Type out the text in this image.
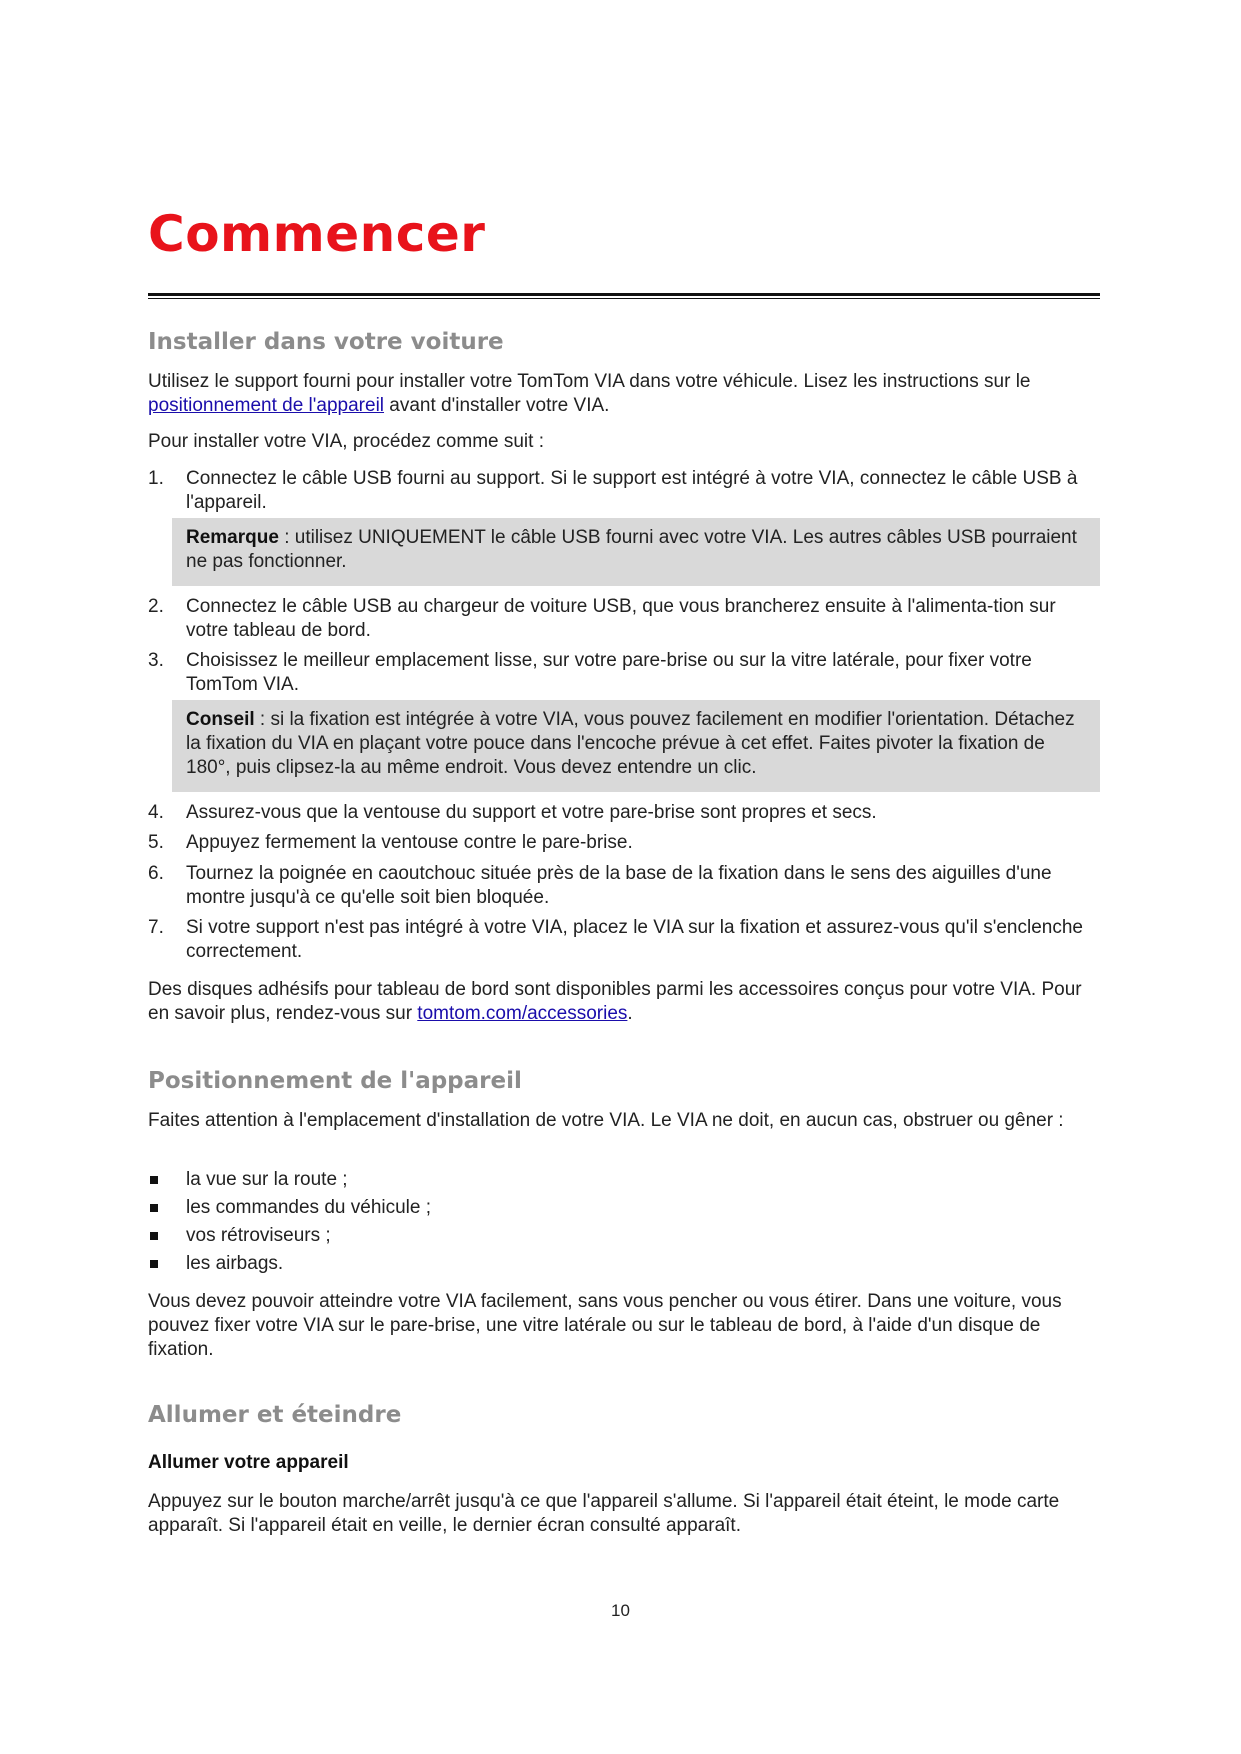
Commencer
Installer dans votre voiture

Utilisez le support fourni pour installer votre TomTom VIA dans votre véhicule. Lisez les instructions sur le positionnement de l'appareil avant d'installer votre VIA.

Pour installer votre VIA, procédez comme suit :

1.	Connectez le câble USB fourni au support. Si le support est intégré à votre VIA, connectez le câble USB à l'appareil.

Remarque : utilisez UNIQUEMENT le câble USB fourni avec votre VIA. Les autres câbles USB pourraient ne pas fonctionner.
2.	Connectez le câble USB au chargeur de voiture USB, que vous brancherez ensuite à l'alimenta-tion sur votre tableau de bord.

3.	Choisissez le meilleur emplacement lisse, sur votre pare-brise ou sur la vitre latérale, pour fixer votre TomTom VIA.

Conseil : si la fixation est intégrée à votre VIA, vous pouvez facilement en modifier l'orientation. Détachez la fixation du VIA en plaçant votre pouce dans l'encoche prévue à cet effet. Faites pivoter la fixation de 180°, puis clipsez-la au même endroit. Vous devez entendre un clic.
4.	Assurez-vous que la ventouse du support et votre pare-brise sont propres et secs.

5.	Appuyez fermement la ventouse contre le pare-brise.

6.	Tournez la poignée en caoutchouc située près de la base de la fixation dans le sens des aiguilles d'une montre jusqu'à ce qu'elle soit bien bloquée.

7.	Si votre support n'est pas intégré à votre VIA, placez le VIA sur la fixation et assurez-vous qu'il s'enclenche correctement.

Des disques adhésifs pour tableau de bord sont disponibles parmi les accessoires conçus pour votre VIA. Pour en savoir plus, rendez-vous sur tomtom.com/accessories.

Positionnement de l'appareil

Faites attention à l'emplacement d'installation de votre VIA. Le VIA ne doit, en aucun cas, obstruer ou gêner :

la vue sur la route ;

les commandes du véhicule ;

vos rétroviseurs ;

les airbags.

Vous devez pouvoir atteindre votre VIA facilement, sans vous pencher ou vous étirer. Dans une voiture, vous pouvez fixer votre VIA sur le pare-brise, une vitre latérale ou sur le tableau de bord, à l'aide d'un disque de fixation.

Allumer et éteindre
Allumer votre appareil

Appuyez sur le bouton marche/arrêt jusqu'à ce que l'appareil s'allume. Si l'appareil était éteint, le mode carte apparaît. Si l'appareil était en veille, le dernier écran consulté apparaît.

10
